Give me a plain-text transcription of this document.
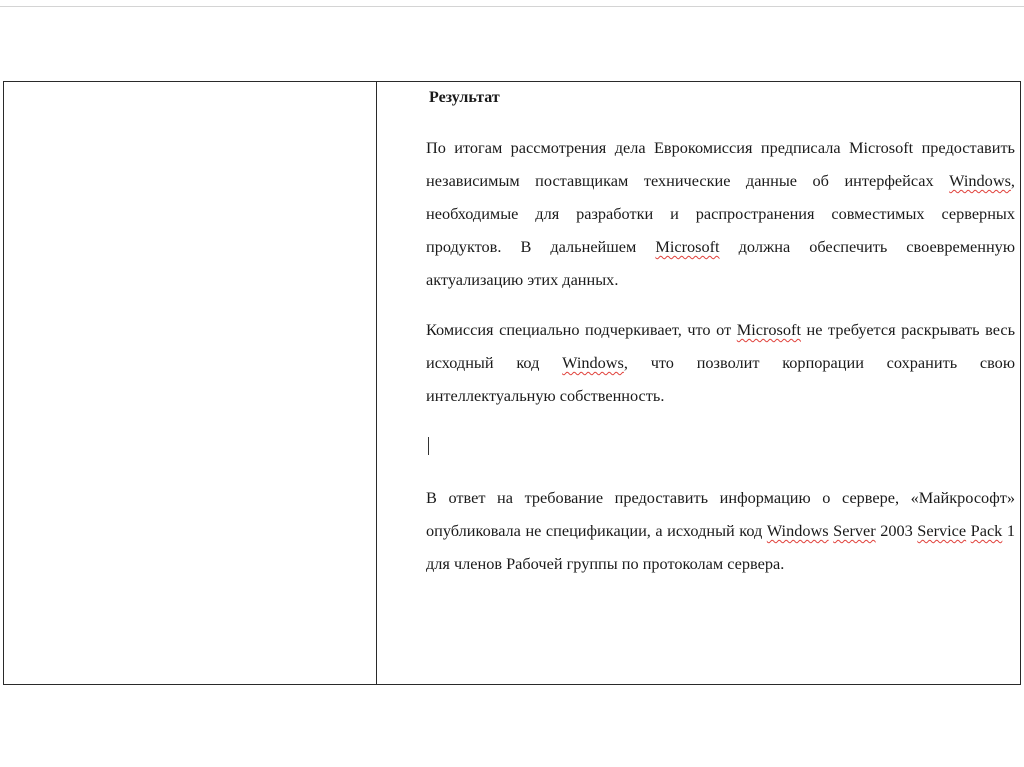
Результат

По итогам рассмотрения дела Еврокомиссия предписала Microsoft предоставить независимым поставщикам технические данные об интерфейсах Windows, необходимые для разработки и распространения совместимых серверных продуктов. В дальнейшем Microsoft должна обеспечить своевременную актуализацию этих данных.

Комиссия специально подчеркивает, что от Microsoft не требуется раскрывать весь исходный код Windows, что позволит корпорации сохранить свою интеллектуальную собственность.

В ответ на требование предоставить информацию о сервере, «Майкрософт» опубликовала не спецификации, а исходный код Windows Server 2003 Service Pack 1 для членов Рабочей группы по протоколам сервера.
